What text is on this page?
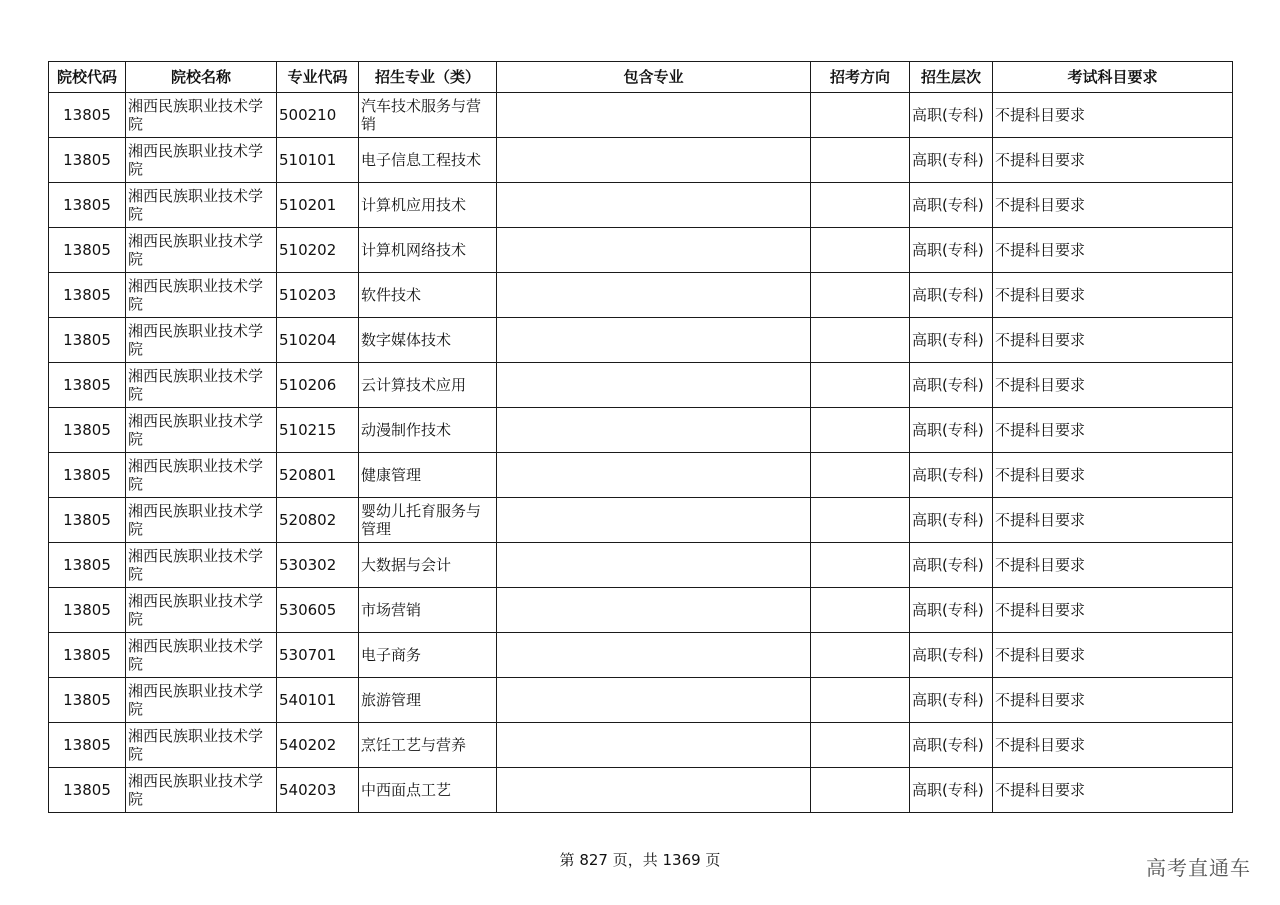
院校代码	院校名称	专业代码	招生专业（类）	包含专业	招考方向	招生层次	考试科目要求
13805	湘西民族职业技术学院	500210	汽车技术服务与营销			高职(专科)	不提科目要求
13805	湘西民族职业技术学院	510101	电子信息工程技术			高职(专科)	不提科目要求
13805	湘西民族职业技术学院	510201	计算机应用技术			高职(专科)	不提科目要求
13805	湘西民族职业技术学院	510202	计算机网络技术			高职(专科)	不提科目要求
13805	湘西民族职业技术学院	510203	软件技术			高职(专科)	不提科目要求
13805	湘西民族职业技术学院	510204	数字媒体技术			高职(专科)	不提科目要求
13805	湘西民族职业技术学院	510206	云计算技术应用			高职(专科)	不提科目要求
13805	湘西民族职业技术学院	510215	动漫制作技术			高职(专科)	不提科目要求
13805	湘西民族职业技术学院	520801	健康管理			高职(专科)	不提科目要求
13805	湘西民族职业技术学院	520802	婴幼儿托育服务与管理			高职(专科)	不提科目要求
13805	湘西民族职业技术学院	530302	大数据与会计			高职(专科)	不提科目要求
13805	湘西民族职业技术学院	530605	市场营销			高职(专科)	不提科目要求
13805	湘西民族职业技术学院	530701	电子商务			高职(专科)	不提科目要求
13805	湘西民族职业技术学院	540101	旅游管理			高职(专科)	不提科目要求
13805	湘西民族职业技术学院	540202	烹饪工艺与营养			高职(专科)	不提科目要求
13805	湘西民族职业技术学院	540203	中西面点工艺			高职(专科)	不提科目要求
第 827 页，共 1369 页	高考直通车
